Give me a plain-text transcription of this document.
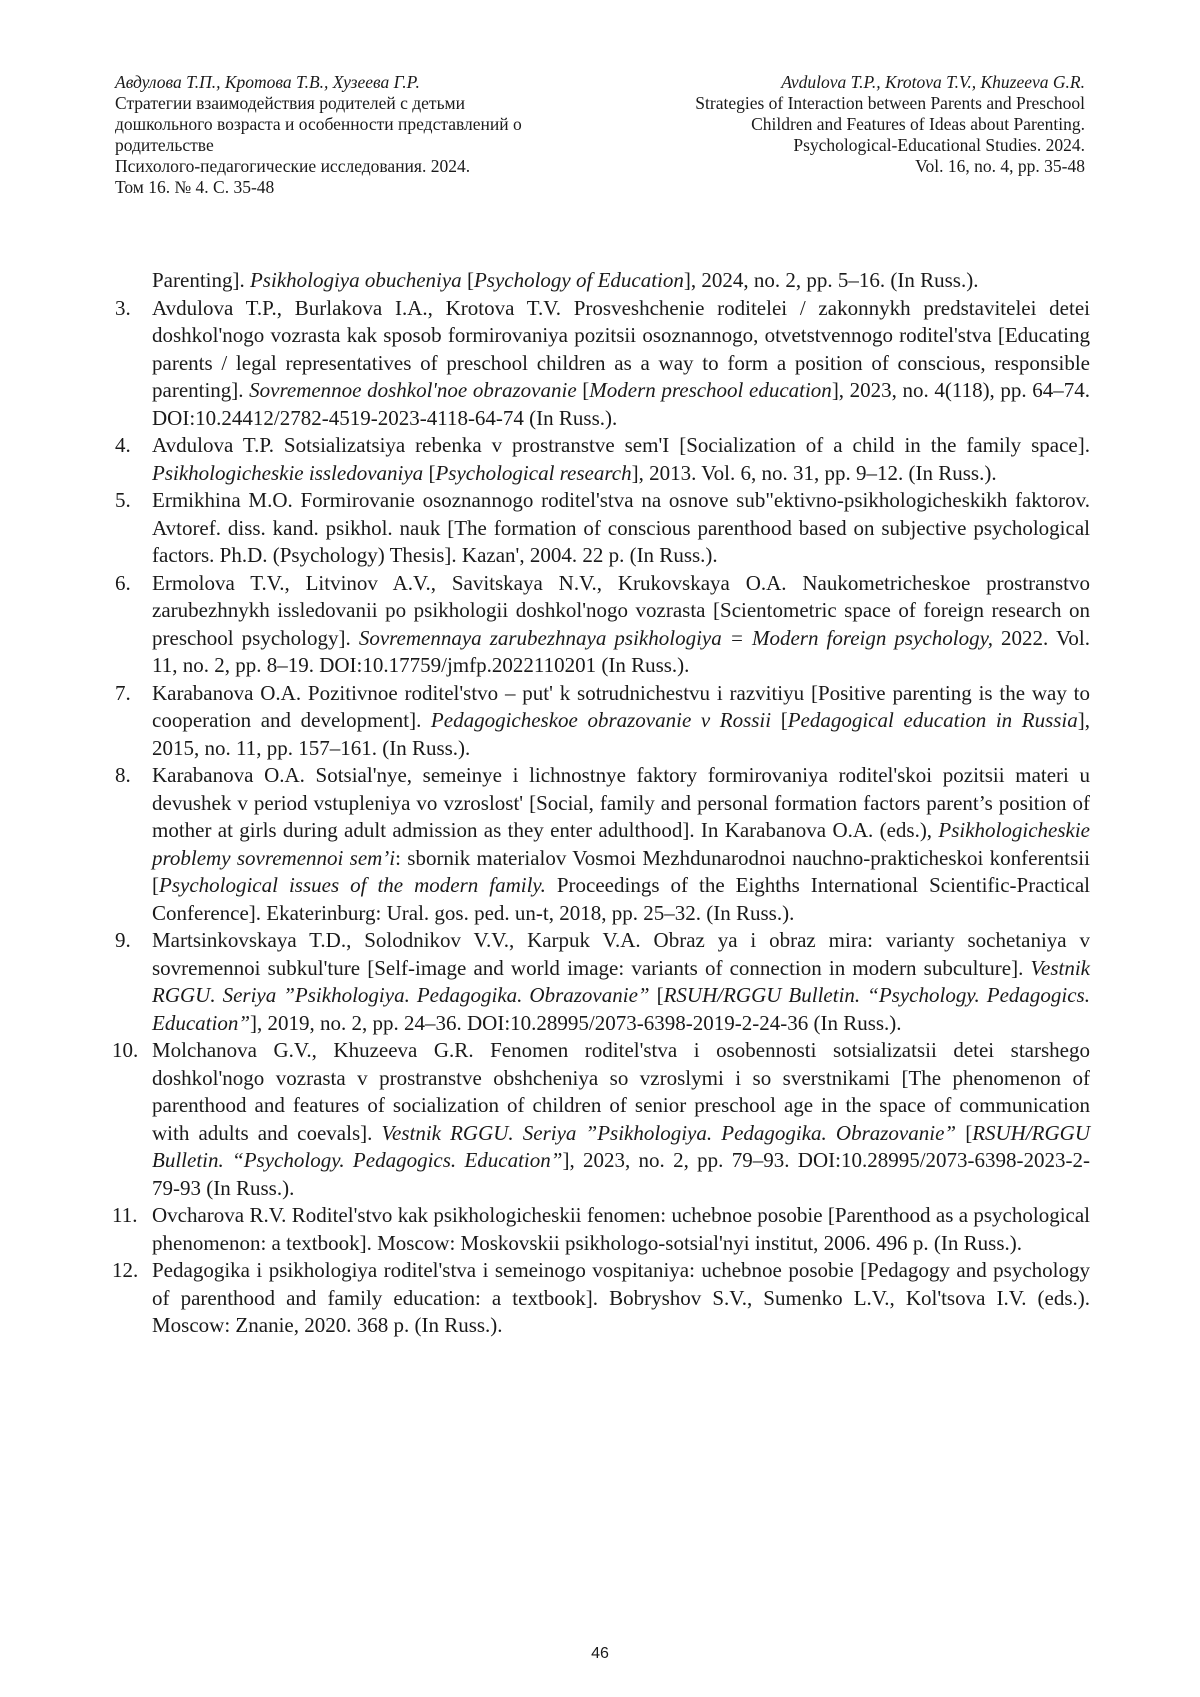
Авдулова Т.П., Кротова Т.В., Хузеева Г.Р.
Стратегии взаимодействия родителей с детьми
дошкольного возраста и особенности представлений о
родительстве
Психолого-педагогические исследования. 2024.
Том 16. № 4. С. 35-48
Avdulova T.P., Krotova T.V., Khuzeeva G.R.
Strategies of Interaction between Parents and Preschool
Children and Features of Ideas about Parenting.
Psychological-Educational Studies. 2024.
Vol. 16, no. 4, pp. 35-48
Parenting]. Psikhologiya obucheniya [Psychology of Education], 2024, no. 2, pp. 5–16. (In Russ.).
3. Avdulova T.P., Burlakova I.A., Krotova T.V. Prosveshchenie roditelei / zakonnykh predstavitelei detei doshkol'nogo vozrasta kak sposob formirovaniya pozitsii osoznannogo, otvetstvennogo roditel'stva [Educating parents / legal representatives of preschool children as a way to form a position of conscious, responsible parenting]. Sovremennoe doshkol'noe obrazovanie [Modern preschool education], 2023, no. 4(118), pp. 64–74. DOI:10.24412/2782-4519-2023-4118-64-74 (In Russ.).
4. Avdulova T.P. Sotsializatsiya rebenka v prostranstve sem'I [Socialization of a child in the family space]. Psikhologicheskie issledovaniya [Psychological research], 2013. Vol. 6, no. 31, pp. 9–12. (In Russ.).
5. Ermikhina M.O. Formirovanie osoznannogo roditel'stva na osnove sub"ektivno-psikhologicheskikh faktorov. Avtoref. diss. kand. psikhol. nauk [The formation of conscious parenthood based on subjective psychological factors. Ph.D. (Psychology) Thesis]. Kazan', 2004. 22 p. (In Russ.).
6. Ermolova T.V., Litvinov A.V., Savitskaya N.V., Krukovskaya O.A. Naukometricheskoe prostranstvo zarubezhnykh issledovanii po psikhologii doshkol'nogo vozrasta [Scientometric space of foreign research on preschool psychology]. Sovremennaya zarubezhnaya psikhologiya = Modern foreign psychology, 2022. Vol. 11, no. 2, pp. 8–19. DOI:10.17759/jmfp.2022110201 (In Russ.).
7. Karabanova O.A. Pozitivnoe roditel'stvo – put' k sotrudnichestvu i razvitiyu [Positive parenting is the way to cooperation and development]. Pedagogicheskoe obrazovanie v Rossii [Pedagogical education in Russia], 2015, no. 11, pp. 157–161. (In Russ.).
8. Karabanova O.A. Sotsial'nye, semeinye i lichnostnye faktory formirovaniya roditel'skoi pozitsii materi u devushek v period vstupleniya vo vzroslost' [Social, family and personal formation factors parent’s position of mother at girls during adult admission as they enter adulthood]. In Karabanova O.A. (eds.), Psikhologicheskie problemy sovremennoi sem’i: sbornik materialov Vosmoi Mezhdunarodnoi nauchno-prakticheskoi konferentsii [Psychological issues of the modern family. Proceedings of the Eighths International Scientific-Practical Conference]. Ekaterinburg: Ural. gos. ped. un-t, 2018, pp. 25–32. (In Russ.).
9. Martsinkovskaya T.D., Solodnikov V.V., Karpuk V.A. Obraz ya i obraz mira: varianty sochetaniya v sovremennoi subkul'ture [Self-image and world image: variants of connection in modern subculture]. Vestnik RGGU. Seriya ”Psikhologiya. Pedagogika. Obrazovanie” [RSUH/RGGU Bulletin. “Psychology. Pedagogics. Education”], 2019, no. 2, pp. 24–36. DOI:10.28995/2073-6398-2019-2-24-36 (In Russ.).
10. Molchanova G.V., Khuzeeva G.R. Fenomen roditel'stva i osobennosti sotsializatsii detei starshego doshkol'nogo vozrasta v prostranstve obshcheniya so vzroslymi i so sverstnikami [The phenomenon of parenthood and features of socialization of children of senior preschool age in the space of communication with adults and coevals]. Vestnik RGGU. Seriya ”Psikhologiya. Pedagogika. Obrazovanie” [RSUH/RGGU Bulletin. “Psychology. Pedagogics. Education”], 2023, no. 2, pp. 79–93. DOI:10.28995/2073-6398-2023-2-79-93 (In Russ.).
11. Ovcharova R.V. Roditel'stvo kak psikhologicheskii fenomen: uchebnoe posobie [Parenthood as a psychological phenomenon: a textbook]. Moscow: Moskovskii psikhologo-sotsial'nyi institut, 2006. 496 p. (In Russ.).
12. Pedagogika i psikhologiya roditel'stva i semeinogo vospitaniya: uchebnoe posobie [Pedagogy and psychology of parenthood and family education: a textbook]. Bobryshov S.V., Sumenko L.V., Kol'tsova I.V. (eds.). Moscow: Znanie, 2020. 368 p. (In Russ.).
46
